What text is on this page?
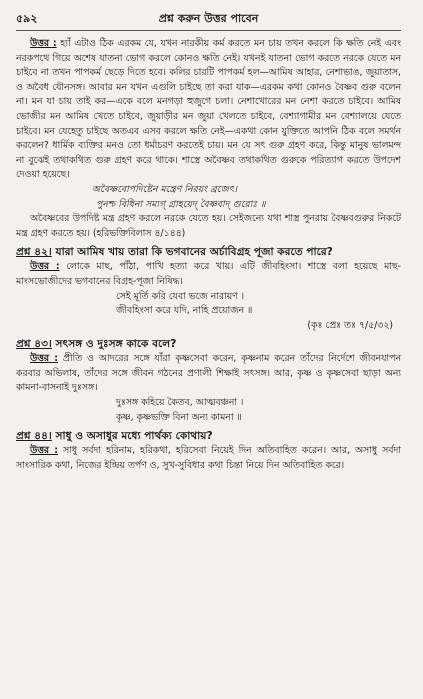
৫৯২	প্রশ্ন করুন উত্তর পাবেন

উত্তর : হ্যাঁ এটাও ঠিক এরকম যে, যখন নারকীয় কর্ম করতে মন চায় তখন করলে কি ক্ষতি নেই এবং নরকপথে গিয়ে অশেষ যাতনা ভোগ করলে কোনও ক্ষতি নেই। যখনই যাতনা ভোগ করতে নরকে যেতে মন চাইবে না তখন পাপকর্ম ছেড়ে দিতে হবে। কলির চারটি পাপকর্ম হল—আমিষ আহার, নেশাভাঙ, জুয়াতাস, ও অবৈধ যৌনসঙ্গ। আবার মন যখন এগুলি চাইছে তা করা যাক—এরকম কথা কোনও বৈষ্ণব গুরু বলেন না। মন যা চায় তাই কর—একে বলে মনগড়া হুজুগে চলা। নেশাখোরের মন নেশা করতে চাইবে। আমিষ ভোজীর মন আমিষ খেতে চাইবে, জুয়াড়ীর মন জুয়া খেলতে চাইবে, বেশ্যাগামীর মন বেশ্যালয়ে যেতে চাইবে। মন যেহেতু চাইছে অতএব এসব করলে ক্ষতি নেই—একথা কোন যুক্তিতে আপনি ঠিক বলে সমর্থন করলেন? ধার্মিক ব্যক্তির মনও তো ধর্মাচরণ করতেই চায়। মন যে সৎ গুরু গ্রহণ করে, কিন্তু মানুষ ভালমন্দ না বুঝেই তথাকথিত গুরু গ্রহণ করে থাকে। শাস্ত্রে অবৈষ্ণব তথাকথিত গুরুকে পরিত্যাগ করতে উপদেশ দেওয়া হয়েছে।

অবৈষ্ণবোপদিষ্টেন মন্ত্রেণ নিরয়ং ব্রজেৎ।

পুনশ্চ বিধিনা সম্যগ্ গ্রাহয়েদ্ বৈষ্ণবাদ্ গুরোঃ ॥

অবৈষ্ণবের উপদিষ্ট মন্ত্র গ্রহণ করলে নরকে যেতে হয়। সেইজন্যে যথা শাস্ত্র পুনরায় বৈষ্ণবগুরুর নিকটে মন্ত্র গ্রহণ করতে হয়। (হরিভক্তিবিলাস ৪/১৪৪)

প্রশ্ন ৪২। যারা আমিষ খায় তারা কি ভগবানের অর্চাবিগ্রহ পূজা করতে পারে?

উত্তর : লোকে মাছ, পাঁঠা, পাখি হত্যা করে খায়। এটি জীবহিংসা। শাস্ত্রে বলা হয়েছে মাছ-মাংসভোজীদের ভগবানের বিগ্রহ-পূজা নিষিদ্ধ।

সেই মূর্তি করি যেবা ভজে নারায়ণ ।

জীবহিংসা করে যদি, নাহি প্রয়োজন ॥

(কৃঃ প্রেঃ তঃ ৭/৫/৩২)

প্রশ্ন ৪৩। সৎসঙ্গ ও দুঃসঙ্গ কাকে বলে?

উত্তর : প্রীতি ও আদরের সঙ্গে যাঁরা কৃষ্ণসেবা করেন, কৃষ্ণনাম করেন তাঁদের নির্দেশে জীবনযাপন করবার অভিলাষ, তাঁদের সঙ্গে জীবন গঠনের প্রণালী শিক্ষাই সৎসঙ্গ। আর, কৃষ্ণ ও কৃষ্ণসেবা ছাড়া অন্য কামনা-বাসনাই দুঃসঙ্গ।

দুঃসঙ্গ কহিয়ে কৈতব, আত্মবঞ্চনা ।

কৃষ্ণ, কৃষ্ণভক্তি বিনা অন্য কামনা ॥

প্রশ্ন ৪৪। সাধু ও অসাধুর মধ্যে পার্থক্য কোথায়?

উত্তর : সাধু সর্বদা হরিনাম, হরিকথা, হরিসেবা নিয়েই দিন অতিবাহিত করেন। আর, অসাধু সর্বদা সাংসারিক কথা, নিজের ইন্দ্রিয় তর্পণ ও, সুখ-সুবিধার কথা চিন্তা নিয়ে দিন অতিবাহিত করে।
